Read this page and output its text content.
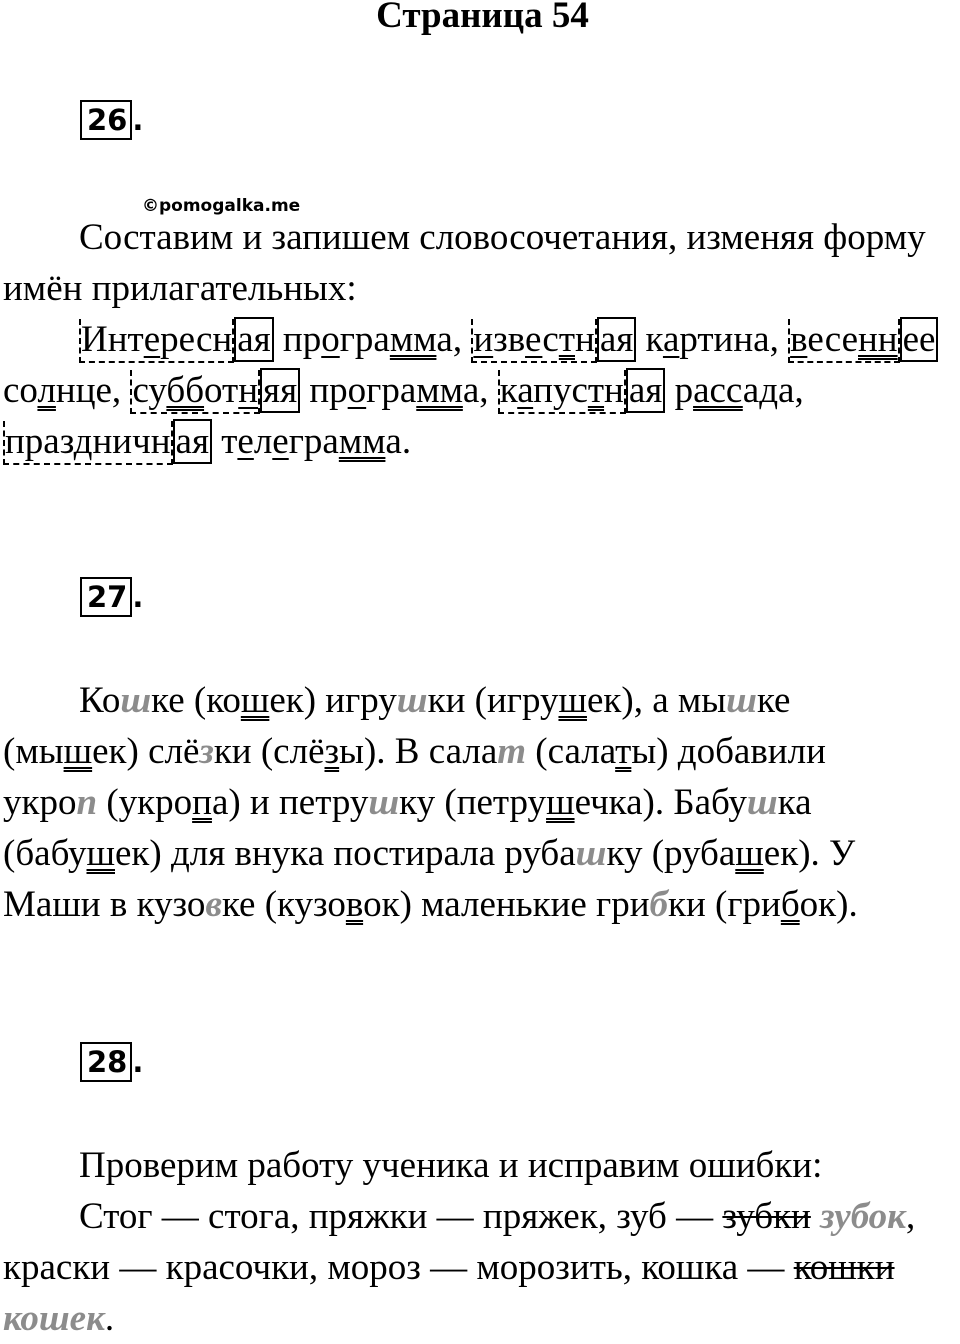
Страница 54
26 .
©pomogalka.me
Составим и запишем словосочетания, изменяя форму
имён прилагательных:
Интересн ая программа, известн ая картина, весенн ее
солнце, субботн яя программа, капустн ая рассада,
праздничн ая телеграмма.
27 .
Кошке (кошек) игрушки (игрушек), а мышке
(мышек) слёзки (слёзы). В салат (салаты) добавили
укроп (укропа) и петрушку (петрушечка). Бабушка
(бабушек) для внука постирала рубашку (рубашек). У
Маши в кузовке (кузовок) маленькие грибки (грибок).
28 .
Проверим работу ученика и исправим ошибки:
Стог — стога, пряжки — пряжек, зуб — зубки зубок,
краски — красочки, мороз — морозить, кошка — кошки
кошек.
